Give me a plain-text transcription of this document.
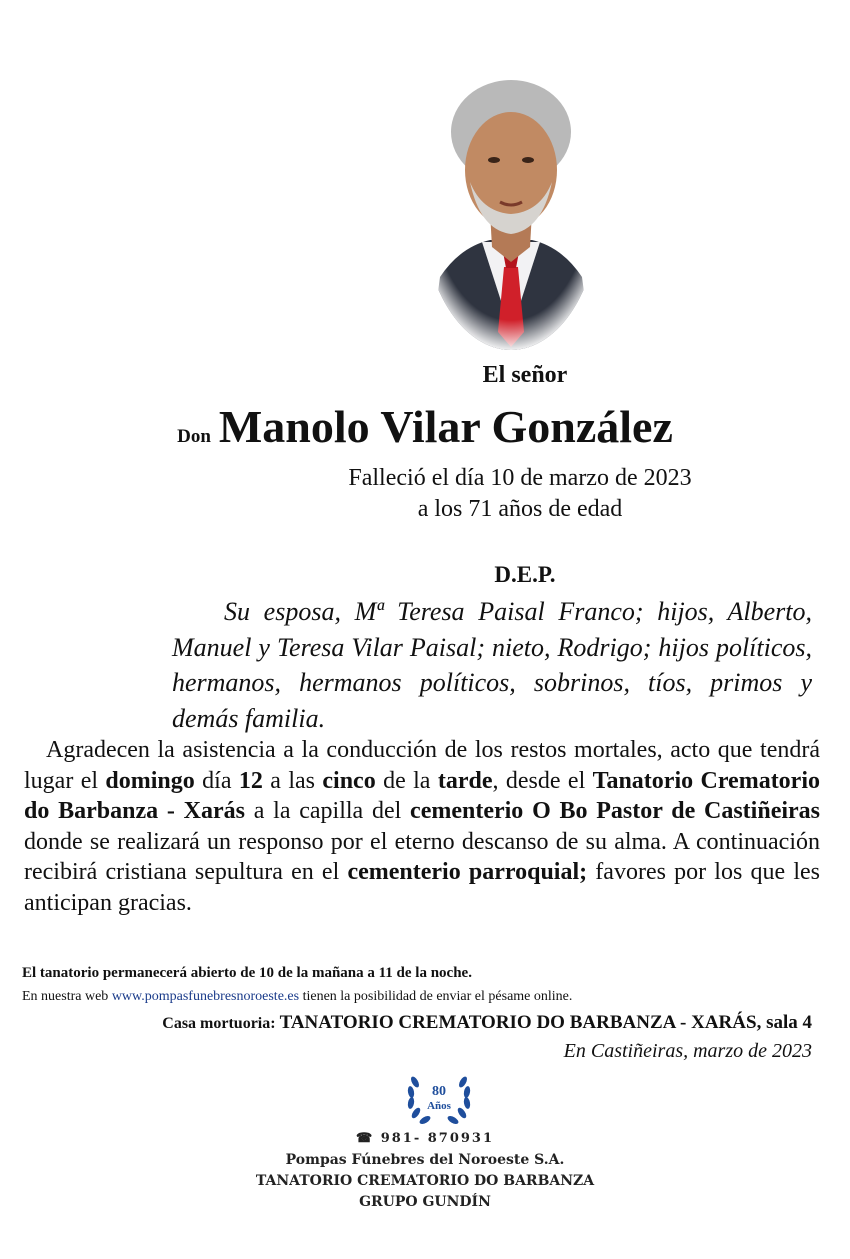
El señor
Don Manolo Vilar González
Falleció el día 10 de marzo de 2023
a los 71 años de edad
D.E.P.
Su esposa, Mª Teresa Paisal Franco; hijos, Alberto, Manuel y Teresa Vilar Paisal; nieto, Rodrigo; hijos políticos, hermanos, hermanos políticos, sobrinos, tíos, primos y demás familia.
Agradecen la asistencia a la conducción de los restos mortales, acto que tendrá lugar el domingo día 12 a las cinco de la tarde, desde el Tanatorio Crematorio do Barbanza - Xarás a la capilla del cementerio O Bo Pastor de Castiñeiras donde se realizará un responso por el eterno descanso de su alma. A continuación recibirá cristiana sepultura en el cementerio parroquial; favores por los que les anticipan gracias.
El tanatorio permanecerá abierto de 10 de la mañana a 11 de la noche.
En nuestra web www.pompasfunebresnoroeste.es tienen la posibilidad de enviar el pésame online.
Casa mortuoria: TANATORIO CREMATORIO DO BARBANZA - XARÁS, sala 4
En Castiñeiras, marzo de 2023
80
Años
☎ 981- 870931
Pompas Fúnebres del Noroeste S.A.
TANATORIO CREMATORIO DO BARBANZA
GRUPO GUNDÍN
